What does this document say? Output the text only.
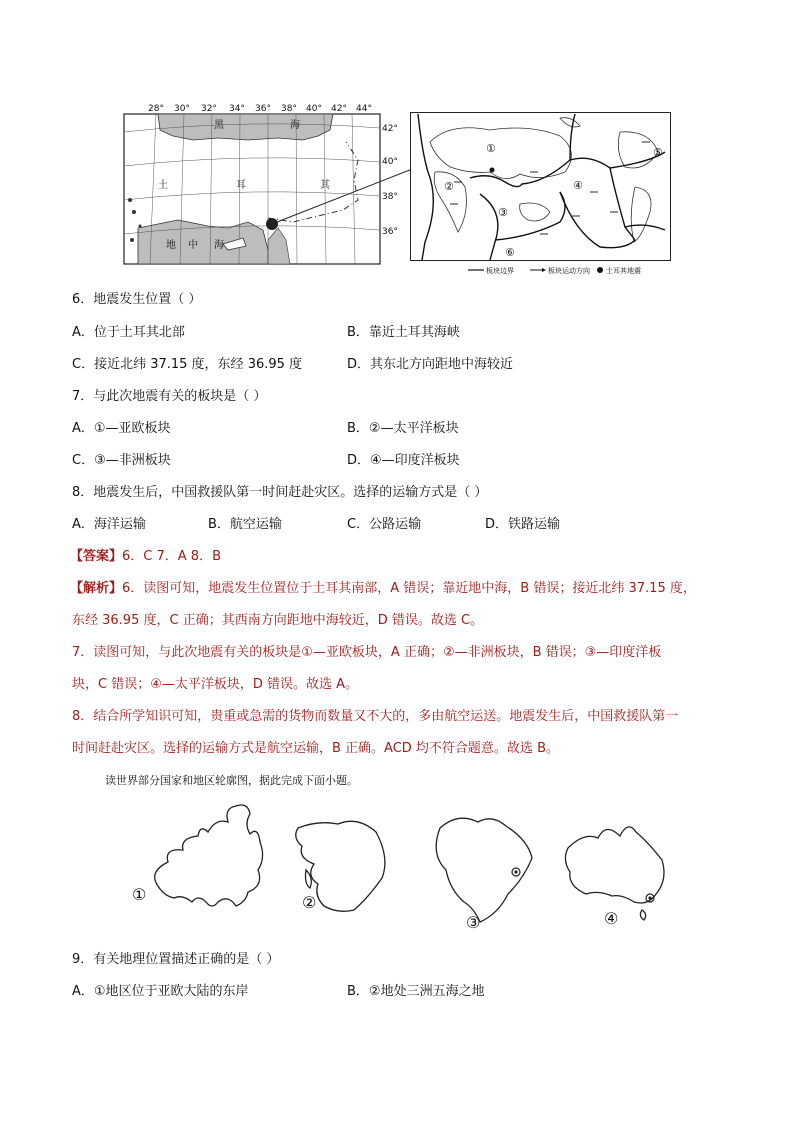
28° 30° 32° 34° 36° 38° 40° 42° 44°
42°
40°
38°
36°
黑	海
土	耳	其
地 中 海
①
②
③
④
⑤
⑥
板块边界	板块运动方向 土耳其地震
6．地震发生位置（ ）
A．位于土耳其北部	B．靠近土耳其海峡
C．接近北纬 37.15 度，东经 36.95 度	D．其东北方向距地中海较近
7．与此次地震有关的板块是（ ）
A．①—亚欧板块	B．②—太平洋板块
C．③—非洲板块	D．④—印度洋板块
8．地震发生后，中国救援队第一时间赶赴灾区。选择的运输方式是（ ）
A．海洋运输	B．航空运输	C．公路运输	D．铁路运输
【答案】6．C 7．A 8．B
【解析】6．读图可知，地震发生位置位于土耳其南部，A 错误；靠近地中海，B 错误；接近北纬 37.15 度，
东经 36.95 度，C 正确；其西南方向距地中海较近，D 错误。故选 C。
7．读图可知，与此次地震有关的板块是①—亚欧板块，A 正确；②—非洲板块，B 错误；③—印度洋板
块，C 错误；④—太平洋板块，D 错误。故选 A。
8．结合所学知识可知，贵重或急需的货物而数量又不大的，多由航空运送。地震发生后，中国救援队第一
时间赶赴灾区。选择的运输方式是航空运输，B 正确。ACD 均不符合题意。故选 B。
读世界部分国家和地区轮廓图，据此完成下面小题。
①	②
③	④
9．有关地理位置描述正确的是（ ）
A．①地区位于亚欧大陆的东岸	B．②地处三洲五海之地
